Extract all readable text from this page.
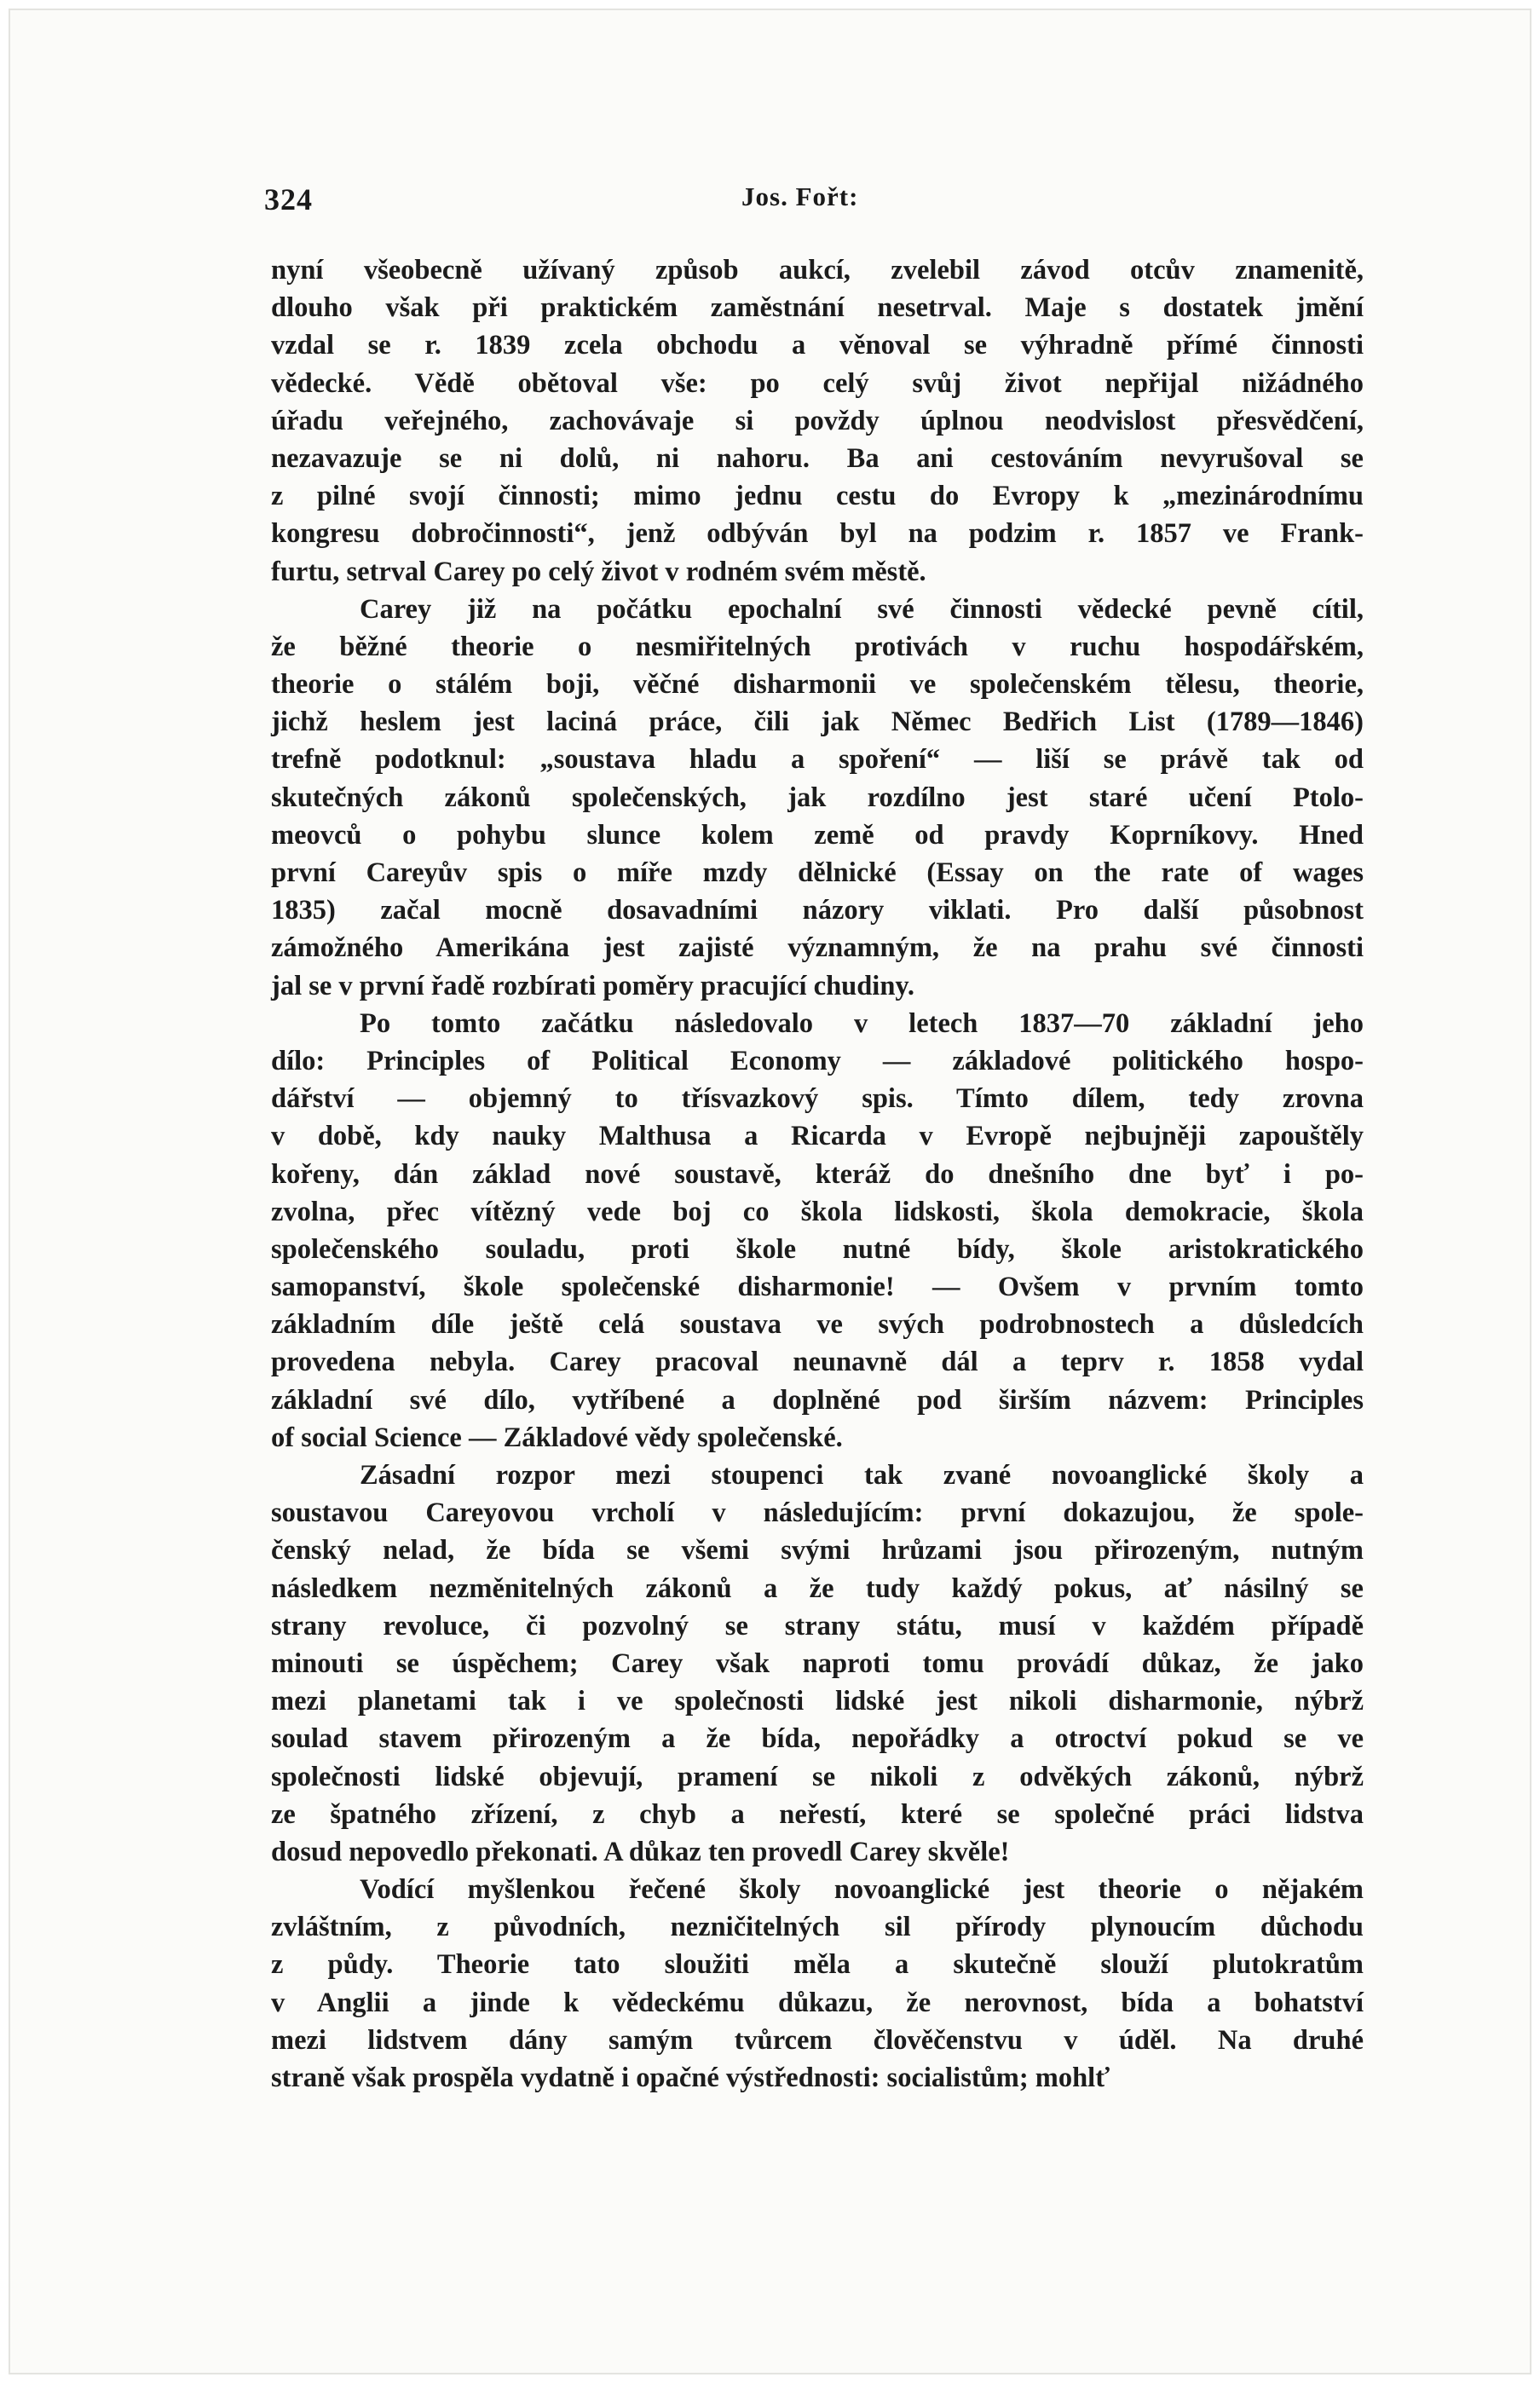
324	Jos. Fořt:

nyní všeobecně užívaný způsob aukcí, zvelebil závod otcův znamenitě,
dlouho však při praktickém zaměstnání nesetrval. Maje s dostatek jmění
vzdal se r. 1839 zcela obchodu a věnoval se výhradně přímé činnosti
vědecké. Vědě obětoval vše: po celý svůj život nepřijal nižádného
úřadu veřejného, zachovávaje si povždy úplnou neodvislost přesvědčení,
nezavazuje se ni dolů, ni nahoru. Ba ani cestováním nevyrušoval se
z pilné svojí činnosti; mimo jednu cestu do Evropy k „mezinárodnímu
kongresu dobročinnosti“, jenž odbýván byl na podzim r. 1857 ve Frank-
furtu, setrval Carey po celý život v rodném svém městě.

Carey již na počátku epochalní své činnosti vědecké pevně cítil,
že běžné theorie o nesmiřitelných protivách v ruchu hospodářském,
theorie o stálém boji, věčné disharmonii ve společenském tělesu, theorie,
jichž heslem jest laciná práce, čili jak Němec Bedřich List (1789—1846)
trefně podotknul: „soustava hladu a spoření“ — liší se právě tak od
skutečných zákonů společenských, jak rozdílno jest staré učení Ptolo-
meovců o pohybu slunce kolem země od pravdy Koprníkovy. Hned
první Careyův spis o míře mzdy dělnické (Essay on the rate of wages
1835) začal mocně dosavadními názory viklati. Pro další působnost
zámožného Amerikána jest zajisté významným, že na prahu své činnosti
jal se v první řadě rozbírati poměry pracující chudiny.

Po tomto začátku následovalo v letech 1837—70 základní jeho
dílo: Principles of Political Economy — základové politického hospo-
dářství — objemný to třísvazkový spis. Tímto dílem, tedy zrovna
v době, kdy nauky Malthusa a Ricarda v Evropě nejbujněji zapouštěly
kořeny, dán základ nové soustavě, kteráž do dnešního dne byť i po-
zvolna, přec vítězný vede boj co škola lidskosti, škola demokracie, škola
společenského souladu, proti škole nutné bídy, škole aristokratického
samopanství, škole společenské disharmonie! — Ovšem v prvním tomto
základním díle ještě celá soustava ve svých podrobnostech a důsledcích
provedena nebyla. Carey pracoval neunavně dál a teprv r. 1858 vydal
základní své dílo, vytříbené a doplněné pod širším názvem: Principles
of social Science — Základové vědy společenské.

Zásadní rozpor mezi stoupenci tak zvané novoanglické školy a
soustavou Careyovou vrcholí v následujícím: první dokazujou, že spole-
čenský nelad, že bída se všemi svými hrůzami jsou přirozeným, nutným
následkem nezměnitelných zákonů a že tudy každý pokus, ať násilný se
strany revoluce, či pozvolný se strany státu, musí v každém případě
minouti se úspěchem; Carey však naproti tomu provádí důkaz, že jako
mezi planetami tak i ve společnosti lidské jest nikoli disharmonie, nýbrž
soulad stavem přirozeným a že bída, nepořádky a otroctví pokud se ve
společnosti lidské objevují, pramení se nikoli z odvěkých zákonů, nýbrž
ze špatného zřízení, z chyb a neřestí, které se společné práci lidstva
dosud nepovedlo překonati. A důkaz ten provedl Carey skvěle!

Vodící myšlenkou řečené školy novoanglické jest theorie o nějakém
zvláštním, z původních, nezničitelných sil přírody plynoucím důchodu
z půdy. Theorie tato sloužiti měla a skutečně slouží plutokratům
v Anglii a jinde k vědeckému důkazu, že nerovnost, bída a bohatství
mezi lidstvem dány samým tvůrcem člověčenstvu v úděl. Na druhé
straně však prospěla vydatně i opačné výstřednosti: socialistům; mohlť
